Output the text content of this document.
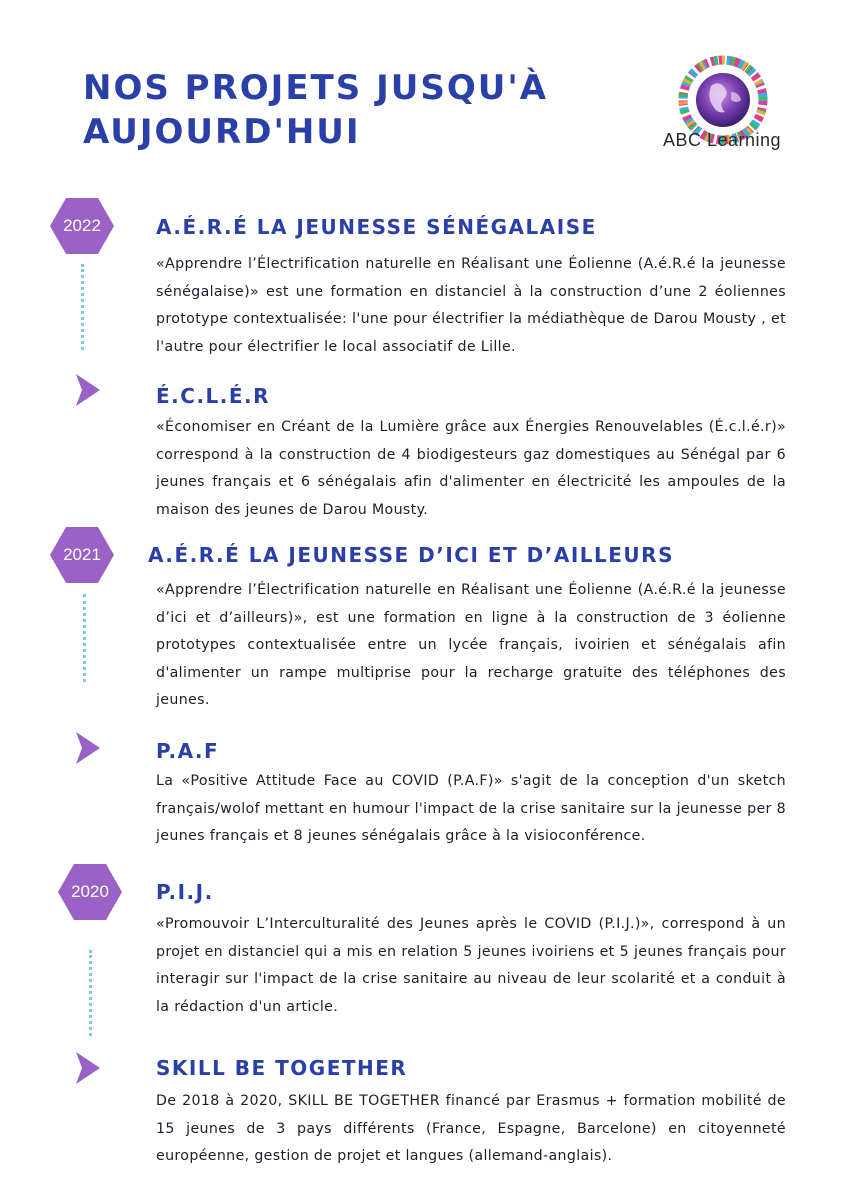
NOS PROJETS JUSQU'À AUJOURD'HUI	ABC Learning
2022
2021
2020
A.É.R.É LA JEUNESSE SÉNÉGALAISE

«Apprendre l’Électrification naturelle en Réalisant une Éolienne (A.é.R.é la jeunesse sénégalaise)» est une formation en distanciel à la construction d’une 2 éoliennes prototype contextualisée: l'une pour électrifier la médiathèque de Darou Mousty , et l'autre pour électrifier le local associatif de Lille.

É.C.L.É.R

«Économiser en Créant de la Lumière grâce aux Énergies Renouvelables (É.c.l.é.r)» correspond à la construction de 4 biodigesteurs gaz domestiques au Sénégal par 6 jeunes français et 6 sénégalais afin d'alimenter en électricité les ampoules de la maison des jeunes de Darou Mousty.

A.É.R.É LA JEUNESSE D’ICI ET D’AILLEURS

«Apprendre l’Électrification naturelle en Réalisant une Éolienne (A.é.R.é la jeunesse d’ici et d’ailleurs)», est une formation en ligne à la construction de 3 éolienne prototypes contextualisée entre un lycée français, ivoirien et sénégalais afin d'alimenter un rampe multiprise pour la recharge gratuite des téléphones des jeunes.

P.A.F

La «Positive Attitude Face au COVID (P.A.F)» s'agit de la conception d'un sketch français/wolof mettant en humour l'impact de la crise sanitaire sur la jeunesse per 8 jeunes français et 8 jeunes sénégalais grâce à la visioconférence.

P.I.J.

«Promouvoir L’Interculturalité des Jeunes après le COVID (P.I.J.)», correspond à un projet en distanciel qui a mis en relation 5 jeunes ivoiriens et 5 jeunes français pour interagir sur l'impact de la crise sanitaire au niveau de leur scolarité et a conduit à la rédaction d'un article.

SKILL BE TOGETHER

De 2018 à 2020, SKILL BE TOGETHER financé par Erasmus + formation mobilité de 15 jeunes de 3 pays différents (France, Espagne, Barcelone) en citoyenneté européenne, gestion de projet et langues (allemand-anglais).
